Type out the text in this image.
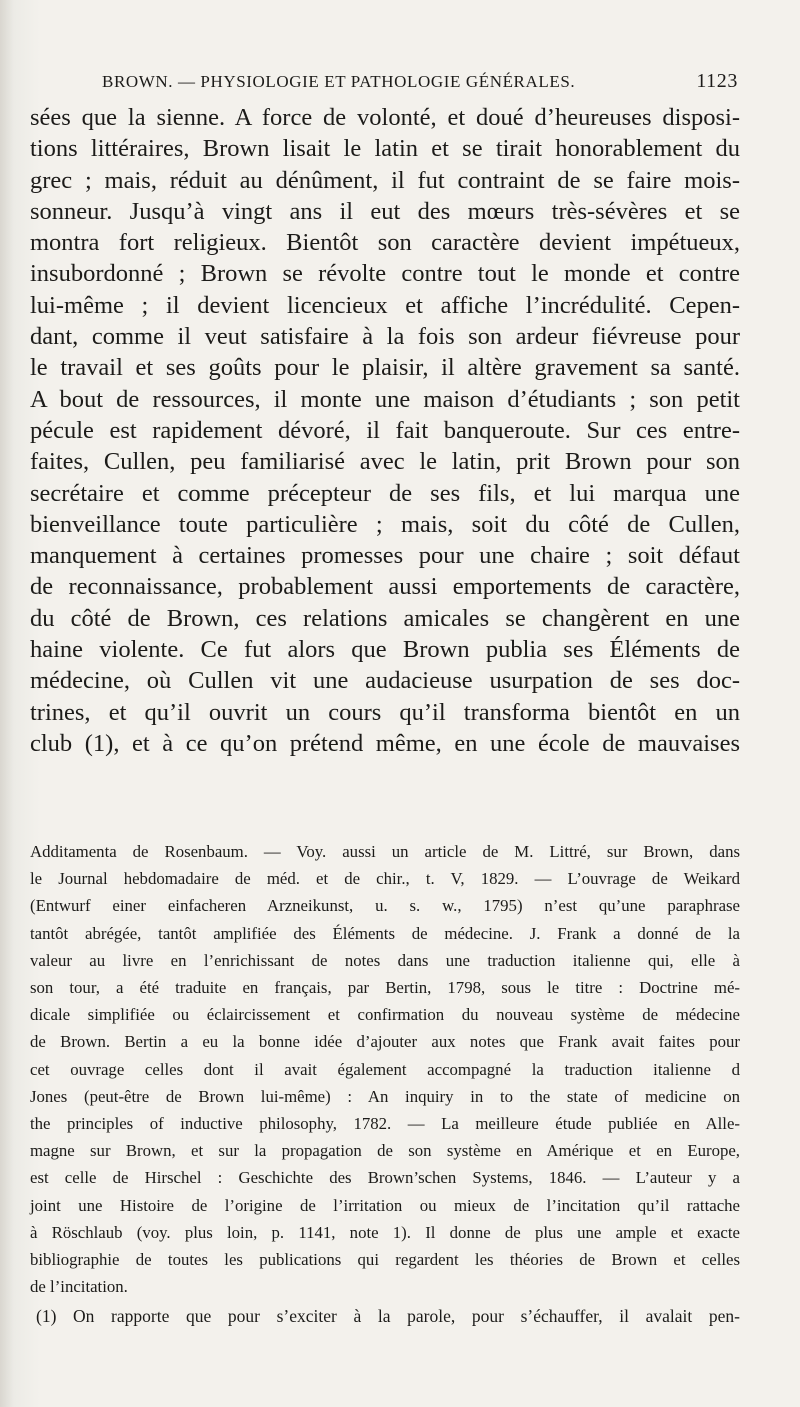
BROWN. — PHYSIOLOGIE ET PATHOLOGIE GÉNÉRALES.	1123
sées que la sienne. A force de volonté, et doué d’heureuses disposi-
tions littéraires, Brown lisait le latin et se tirait honorablement du
grec ; mais, réduit au dénûment, il fut contraint de se faire mois-
sonneur. Jusqu’à vingt ans il eut des mœurs très-sévères et se
montra fort religieux. Bientôt son caractère devient impétueux,
insubordonné ; Brown se révolte contre tout le monde et contre
lui-même ; il devient licencieux et affiche l’incrédulité. Cepen-
dant, comme il veut satisfaire à la fois son ardeur fiévreuse pour
le travail et ses goûts pour le plaisir, il altère gravement sa santé.
A bout de ressources, il monte une maison d’étudiants ; son petit
pécule est rapidement dévoré, il fait banqueroute. Sur ces entre-
faites, Cullen, peu familiarisé avec le latin, prit Brown pour son
secrétaire et comme précepteur de ses fils, et lui marqua une
bienveillance toute particulière ; mais, soit du côté de Cullen,
manquement à certaines promesses pour une chaire ; soit défaut
de reconnaissance, probablement aussi emportements de caractère,
du côté de Brown, ces relations amicales se changèrent en une
haine violente. Ce fut alors que Brown publia ses Éléments de
médecine, où Cullen vit une audacieuse usurpation de ses doc-
trines, et qu’il ouvrit un cours qu’il transforma bientôt en un
club (1), et à ce qu’on prétend même, en une école de mauvaises
Additamenta de Rosenbaum. — Voy. aussi un article de M. Littré, sur Brown, dans
le Journal hebdomadaire de méd. et de chir., t. V, 1829. — L’ouvrage de Weikard
(Entwurf einer einfacheren Arzneikunst, u. s. w., 1795) n’est qu’une paraphrase
tantôt abrégée, tantôt amplifiée des Éléments de médecine. J. Frank a donné de la
valeur au livre en l’enrichissant de notes dans une traduction italienne qui, elle à
son tour, a été traduite en français, par Bertin, 1798, sous le titre : Doctrine mé-
dicale simplifiée ou éclaircissement et confirmation du nouveau système de médecine
de Brown. Bertin a eu la bonne idée d’ajouter aux notes que Frank avait faites pour
cet ouvrage celles dont il avait également accompagné la traduction italienne d
Jones (peut-être de Brown lui-même) : An inquiry in to the state of medicine on
the principles of inductive philosophy, 1782. — La meilleure étude publiée en Alle-
magne sur Brown, et sur la propagation de son système en Amérique et en Europe,
est celle de Hirschel : Geschichte des Brown’schen Systems, 1846. — L’auteur y a
joint une Histoire de l’origine de l’irritation ou mieux de l’incitation qu’il rattache
à Röschlaub (voy. plus loin, p. 1141, note 1). Il donne de plus une ample et exacte
bibliographie de toutes les publications qui regardent les théories de Brown et celles
de l’incitation.
(1) On rapporte que pour s’exciter à la parole, pour s’échauffer, il avalait pen-
